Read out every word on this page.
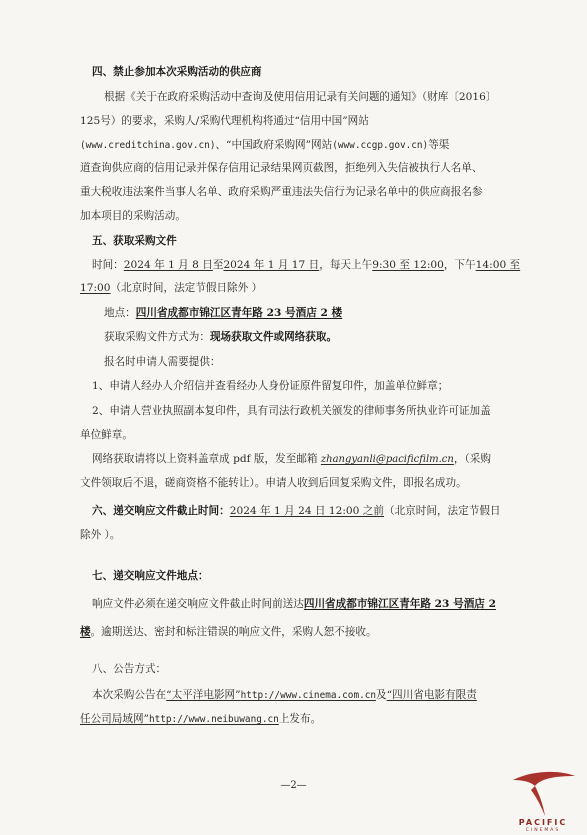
四、禁止参加本次采购活动的供应商
根据《关于在政府采购活动中查询及使用信用记录有关问题的通知》（财库〔2016〕
125号）的要求，采购人/采购代理机构将通过“信用中国”网站
(www.creditchina.gov.cn)、“中国政府采购网”网站(www.ccgp.gov.cn)等渠
道查询供应商的信用记录并保存信用记录结果网页截图，拒绝列入失信被执行人名单、
重大税收违法案件当事人名单、政府采购严重违法失信行为记录名单中的供应商报名参
加本项目的采购活动。
五、获取采购文件
时间：2024 年 1 月 8 日至2024 年 1 月 17 日，每天上午9:30 至 12:00，下午14:00 至
17:00（北京时间，法定节假日除外 ）
地点：四川省成都市锦江区青年路 23 号酒店 2 楼
获取采购文件方式为：现场获取文件或网络获取。
报名时申请人需要提供：
1、申请人经办人介绍信并查看经办人身份证原件留复印件，加盖单位鲜章；
2、申请人营业执照副本复印件，具有司法行政机关颁发的律师事务所执业许可证加盖
单位鲜章。
网络获取请将以上资料盖章成 pdf 版，发至邮箱 zhangyanli@pacificfilm.cn，（采购
文件领取后不退，磋商资格不能转让）。申请人收到后回复采购文件，即报名成功。
六、递交响应文件截止时间：2024 年 1 月 24 日 12:00 之前（北京时间，法定节假日
除外 ）。
七、递交响应文件地点：
响应文件必须在递交响应文件截止时间前送达四川省成都市锦江区青年路 23 号酒店 2
楼。逾期送达、密封和标注错误的响应文件，采购人恕不接收。
八、公告方式：
本次采购公告在“太平洋电影网”http://www.cinema.com.cn及“四川省电影有限责
任公司局域网”http://www.neibuwang.cn上发布。
—2—
PACIFIC
CINEMAS
